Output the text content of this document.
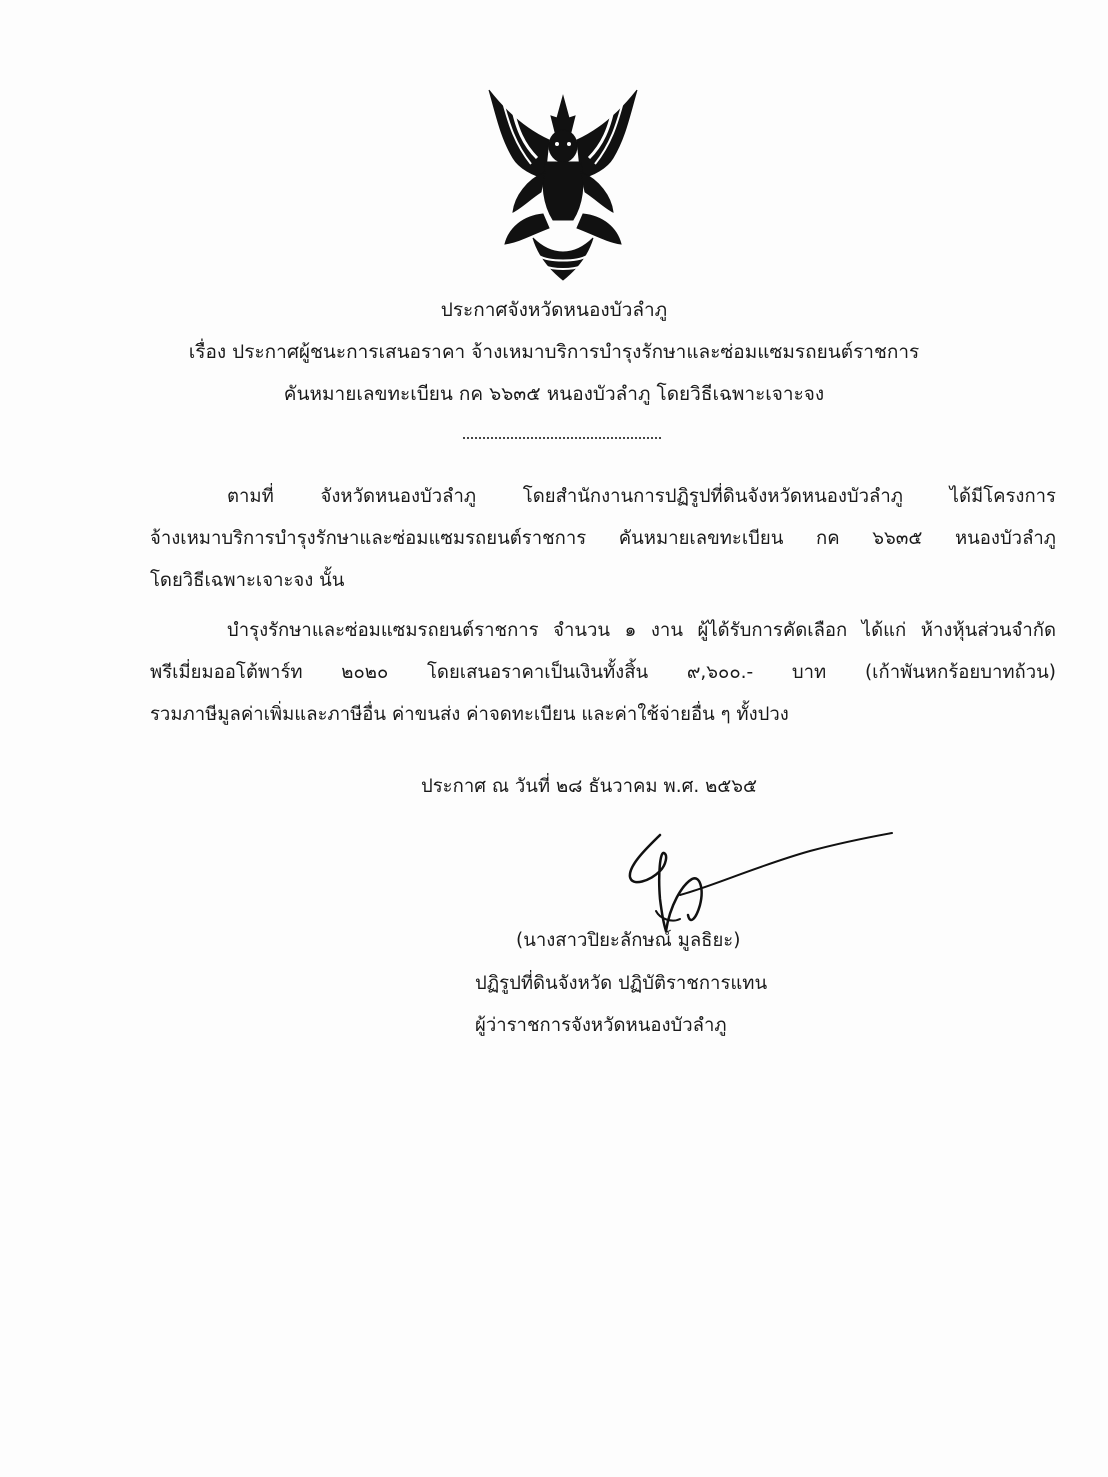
ประกาศจังหวัดหนองบัวลำภู
เรื่อง ประกาศผู้ชนะการเสนอราคา จ้างเหมาบริการบำรุงรักษาและซ่อมแซมรถยนต์ราชการ
คันหมายเลขทะเบียน กค ๖๖๓๕ หนองบัวลำภู โดยวิธีเฉพาะเจาะจง
ตามที่ จังหวัดหนองบัวลำภู โดยสำนักงานการปฏิรูปที่ดินจังหวัดหนองบัวลำภู ได้มีโครงการ
จ้างเหมาบริการบำรุงรักษาและซ่อมแซมรถยนต์ราชการ คันหมายเลขทะเบียน กค ๖๖๓๕ หนองบัวลำภู
โดยวิธีเฉพาะเจาะจง นั้น
บำรุงรักษาและซ่อมแซมรถยนต์ราชการ จำนวน ๑ งาน ผู้ได้รับการคัดเลือก ได้แก่ ห้างหุ้นส่วนจำกัด
พรีเมี่ยมออโต้พาร์ท ๒๐๒๐ โดยเสนอราคาเป็นเงินทั้งสิ้น ๙,๖๐๐.- บาท (เก้าพันหกร้อยบาทถ้วน)
รวมภาษีมูลค่าเพิ่มและภาษีอื่น ค่าขนส่ง ค่าจดทะเบียน และค่าใช้จ่ายอื่น ๆ ทั้งปวง
ประกาศ ณ วันที่ ๒๘ ธันวาคม พ.ศ. ๒๕๖๕
(นางสาวปิยะลักษณ์ มูลธิยะ)
ปฏิรูปที่ดินจังหวัด ปฏิบัติราชการแทน
ผู้ว่าราชการจังหวัดหนองบัวลำภู
